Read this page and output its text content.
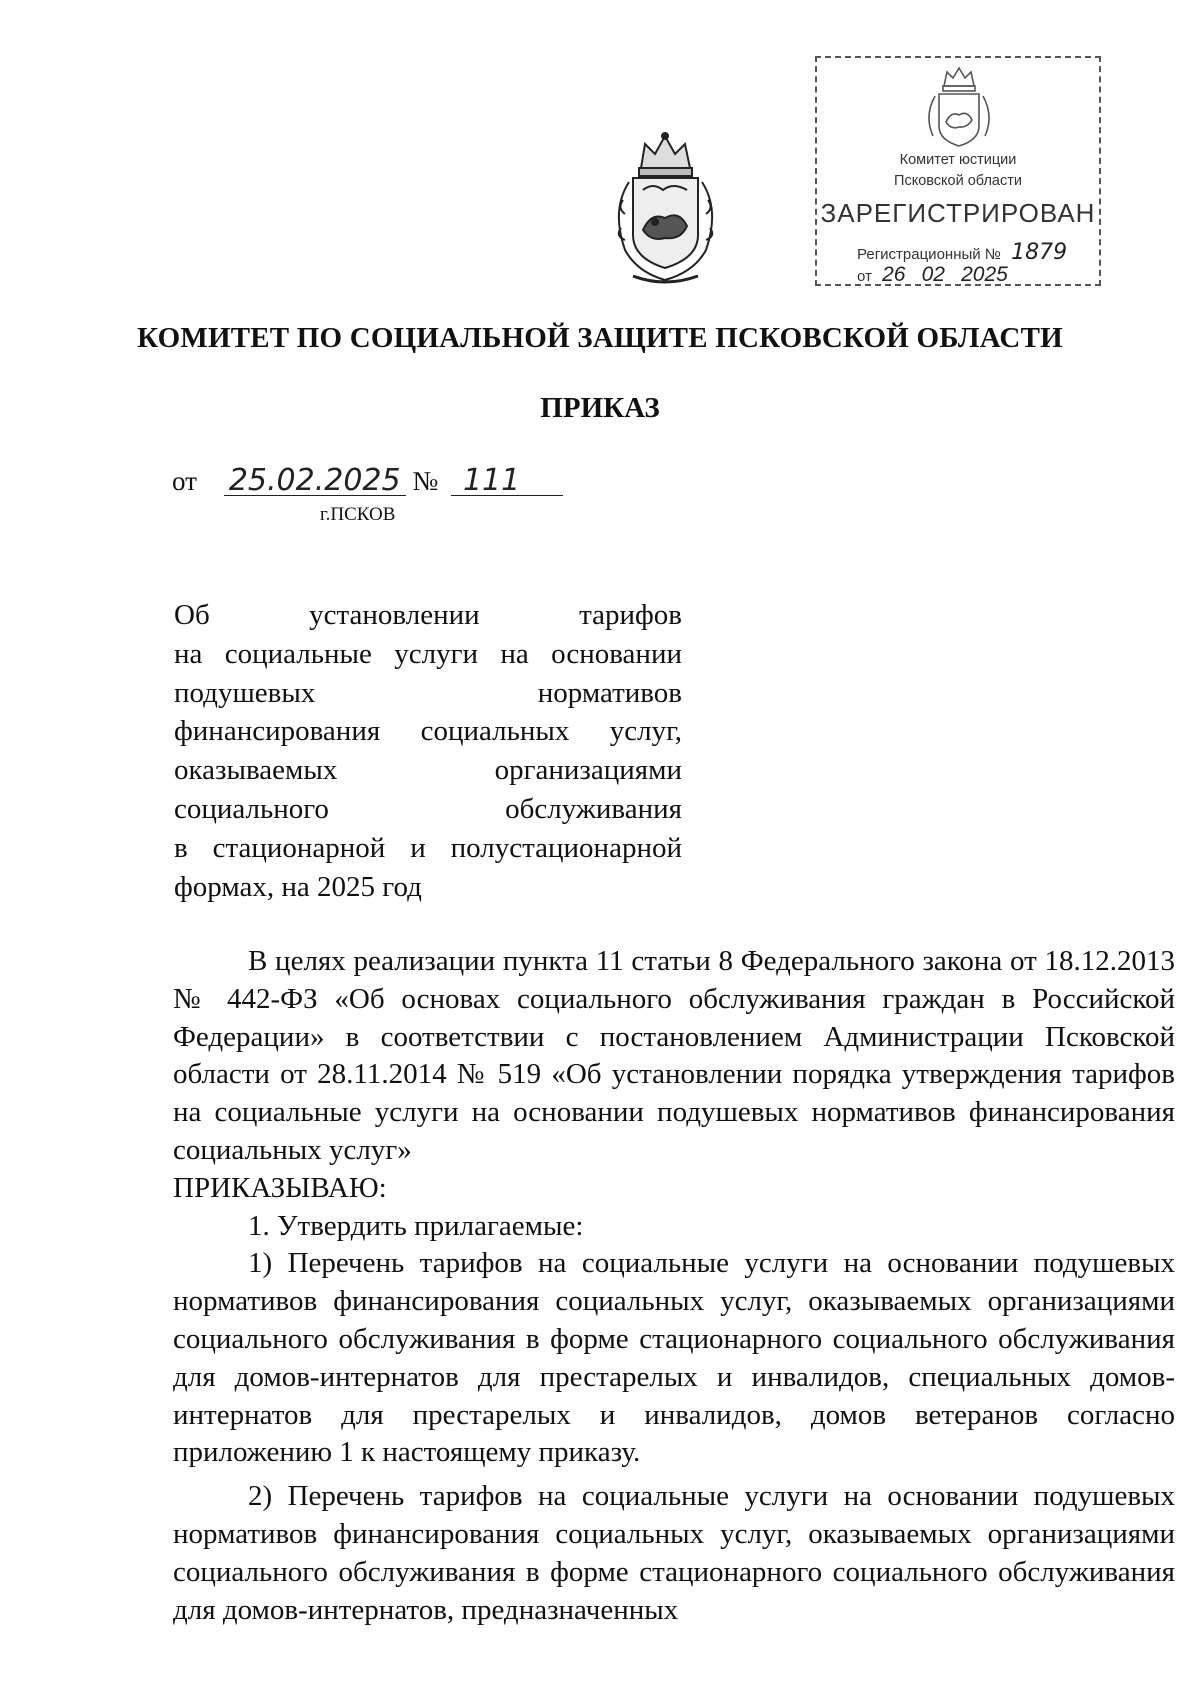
Комитет юстиции
Псковской области
ЗАРЕГИСТРИРОВАН
Регистрационный № 1879
от 26 02 2025
КОМИТЕТ ПО СОЦИАЛЬНОЙ ЗАЩИТЕ ПСКОВСКОЙ ОБЛАСТИ
ПРИКАЗ
от 25.02.2025 № 111
г.ПСКОВ

Об установлении тарифов

на социальные услуги на основании

подушевых нормативов

финансирования социальных услуг,

оказываемых организациями

социального обслуживания

в стационарной и полустационарной

формах, на 2025 год

В целях реализации пункта 11 статьи 8 Федерального закона от 18.12.2013 № 442-ФЗ «Об основах социального обслуживания граждан в Российской Федерации» в соответствии с постановлением Администрации Псковской области от 28.11.2014 № 519 «Об установлении порядка утверждения тарифов на социальные услуги на основании подушевых нормативов финансирования социальных услуг»

ПРИКАЗЫВАЮ:

1. Утвердить прилагаемые:

1) Перечень тарифов на социальные услуги на основании подушевых нормативов финансирования социальных услуг, оказываемых организациями социального обслуживания в форме стационарного социального обслуживания для домов-интернатов для престарелых и инвалидов, специальных домов-интернатов для престарелых и инвалидов, домов ветеранов согласно приложению 1 к настоящему приказу.

2) Перечень тарифов на социальные услуги на основании подушевых нормативов финансирования социальных услуг, оказываемых организациями социального обслуживания в форме стационарного социального обслуживания для домов-интернатов, предназначенных
